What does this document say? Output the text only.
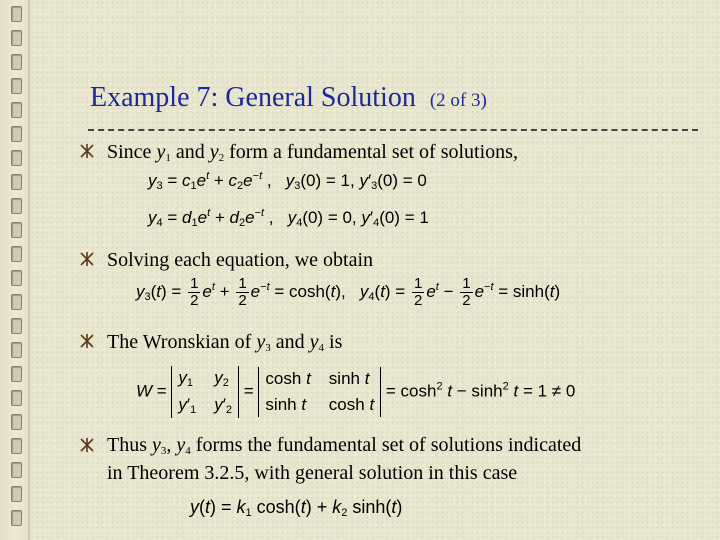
Example 7: General Solution (2 of 3)
Since $y_1$ and $y_2$ form a fundamental set of solutions,
$y_3 = c_1e^t + c_2e^{-t}$ ,   $y_3(0) = 1$, $y'_3(0) = 0$
$y_4 = d_1e^t + d_2e^{-t}$ ,   $y_4(0) = 0$, $y'_4(0) = 1$
Solving each equation, we obtain
$y_3(t) = \frac{1}{2} e^t + \frac{1}{2} e^{-t} = \cosh(t)$,   $y_4(t) = \frac{1}{2} e^t - \frac{1}{2} e^{-t} = \sinh(t)$
The Wronskian of $y_3$ and $y_4$ is
W =
$y_1$ $y_2$
$y'_1$ $y'_2$
=
cosh t sinh t
sinh t cosh t
= $\cosh^2 t - \sinh^2 t = 1 \ne 0$
Thus $y_3$, $y_4$ forms the fundamental set of solutions indicated
in Theorem 3.2.5, with general solution in this case
$y(t) = k_1$ $\cosh(t) + k_2$ sinh(t)
